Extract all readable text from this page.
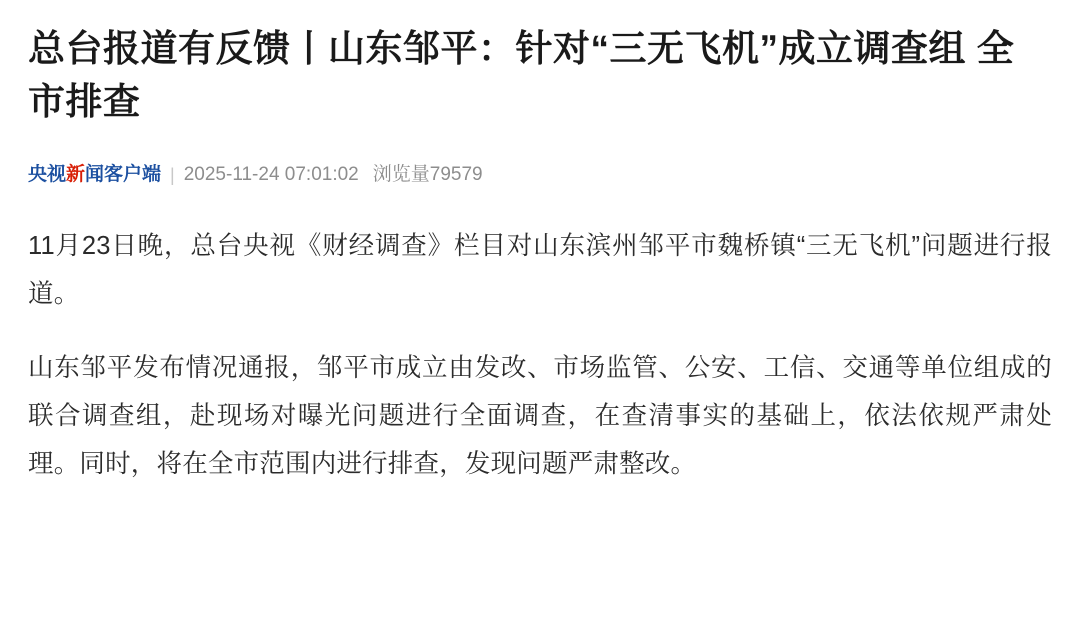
总台报道有反馈丨山东邹平：针对“三无飞机”成立调查组 全市排查
央视新闻客户端 | 2025-11-24 07:01:02 浏览量79579

11月23日晚，总台央视《财经调查》栏目对山东滨州邹平市魏桥镇“三无飞机”问题进行报道。

山东邹平发布情况通报，邹平市成立由发改、市场监管、公安、工信、交通等单位组成的联合调查组，赴现场对曝光问题进行全面调查，在查清事实的基础上，依法依规严肃处理。同时，将在全市范围内进行排查，发现问题严肃整改。
